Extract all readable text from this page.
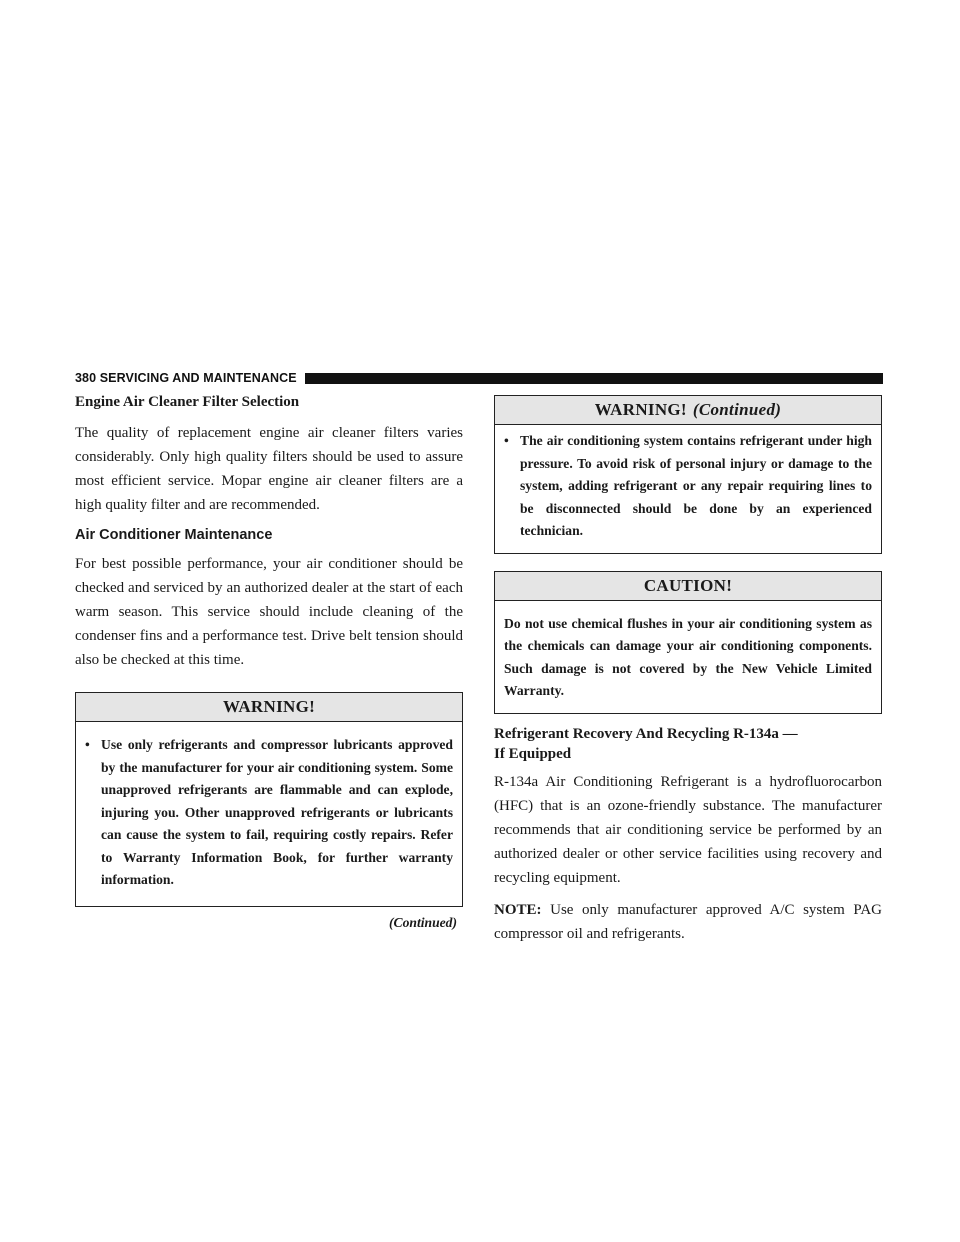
380 SERVICING AND MAINTENANCE
Engine Air Cleaner Filter Selection

The quality of replacement engine air cleaner filters varies considerably. Only high quality filters should be used to assure most efficient service. Mopar engine air cleaner filters are a high quality filter and are recommended.

Air Conditioner Maintenance

For best possible performance, your air conditioner should be checked and serviced by an authorized dealer at the start of each warm season. This service should include cleaning of the condenser fins and a performance test. Drive belt tension should also be checked at this time.

WARNING!
• Use only refrigerants and compressor lubricants approved by the manufacturer for your air conditioning system. Some unapproved refrigerants are flammable and can explode, injuring you. Other unapproved refrigerants or lubricants can cause the system to fail, requiring costly repairs. Refer to Warranty Information Book, for further warranty information.
(Continued)
WARNING! (Continued)
• The air conditioning system contains refrigerant under high pressure. To avoid risk of personal injury or damage to the system, adding refrigerant or any repair requiring lines to be disconnected should be done by an experienced technician.
CAUTION!

Do not use chemical flushes in your air conditioning system as the chemicals can damage your air conditioning components. Such damage is not covered by the New Vehicle Limited Warranty.

Refrigerant Recovery And Recycling R-134a —
If Equipped

R-134a Air Conditioning Refrigerant is a hydrofluorocarbon (HFC) that is an ozone-friendly substance. The manufacturer recommends that air conditioning service be performed by an authorized dealer or other service facilities using recovery and recycling equipment.

NOTE: Use only manufacturer approved A/C system PAG compressor oil and refrigerants.
